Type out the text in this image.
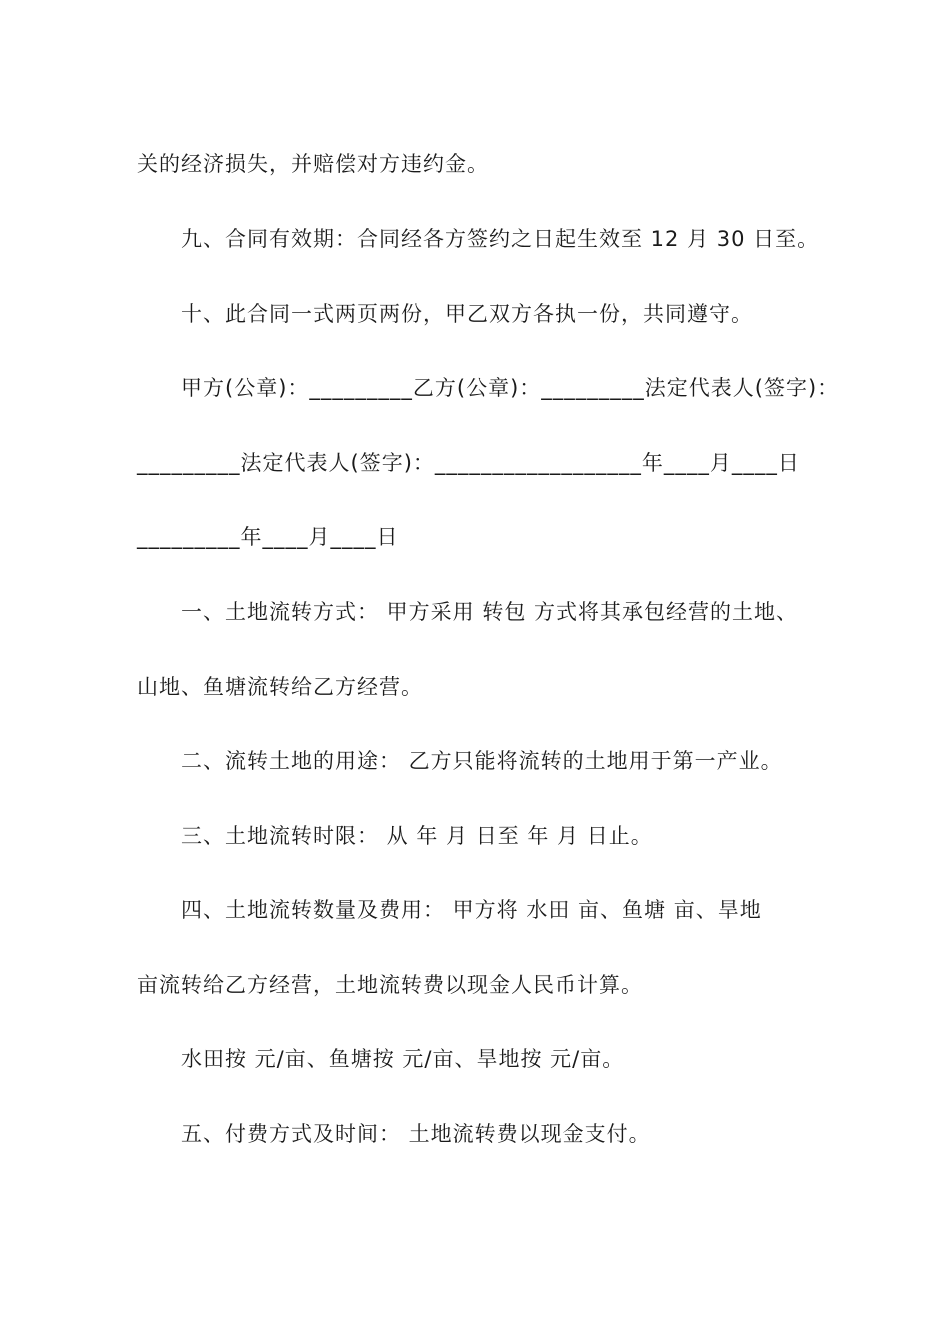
关的经济损失，并赔偿对方违约金。
九、合同有效期：合同经各方签约之日起生效至 12 月 30 日至。
十、此合同一式两页两份，甲乙双方各执一份，共同遵守。
甲方(公章)：_________乙方(公章)：_________法定代表人(签字)：
_________法定代表人(签字)：__________________年____月____日
_________年____月____日
一、土地流转方式： 甲方采用 转包 方式将其承包经营的土地、
山地、鱼塘流转给乙方经营。
二、流转土地的用途： 乙方只能将流转的土地用于第一产业。
三、土地流转时限： 从 年 月 日至 年 月 日止。
四、土地流转数量及费用： 甲方将 水田 亩、鱼塘 亩、旱地
亩流转给乙方经营，土地流转费以现金人民币计算。
水田按 元/亩、鱼塘按 元/亩、旱地按 元/亩。
五、付费方式及时间： 土地流转费以现金支付。
